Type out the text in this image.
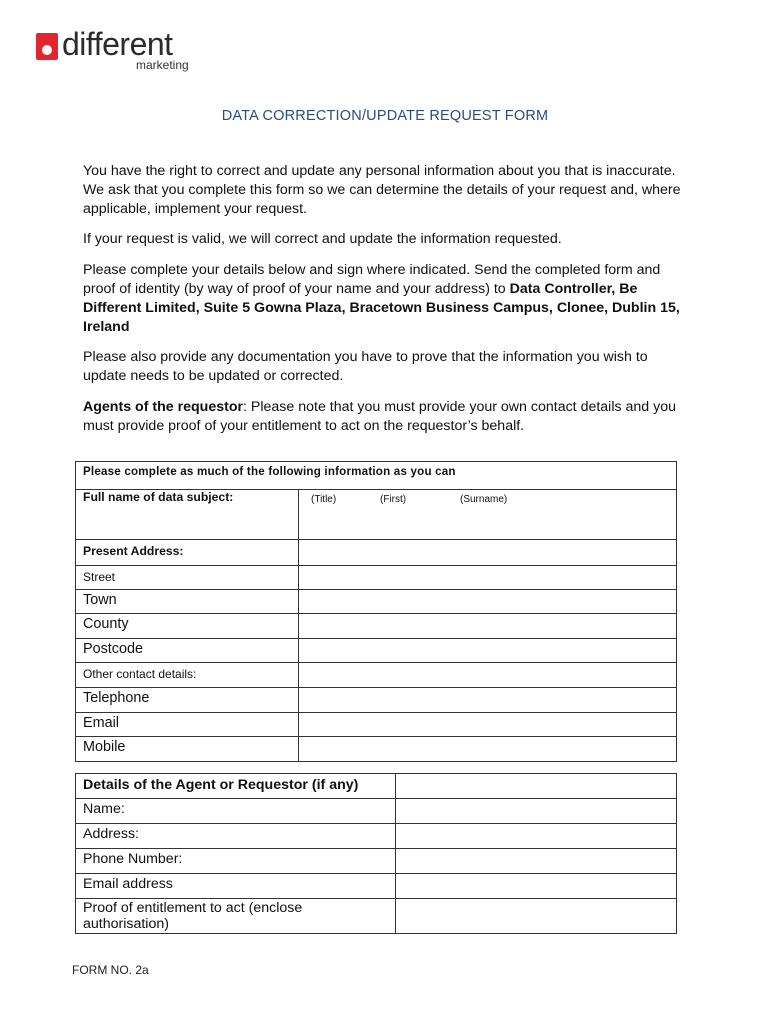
different
marketing
DATA CORRECTION/UPDATE REQUEST FORM
You have the right to correct and update any personal information about you that is inaccurate. We ask that you complete this form so we can determine the details of your request and, where applicable, implement your request.
If your request is valid, we will correct and update the information requested.
Please complete your details below and sign where indicated. Send the completed form and proof of identity (by way of proof of your name and your address) to Data Controller, Be Different Limited, Suite 5 Gowna Plaza, Bracetown Business Campus, Clonee, Dublin 15, Ireland
Please also provide any documentation you have to prove that the information you wish to update needs to be updated or corrected.
Agents of the requestor: Please note that you must provide your own contact details and you must provide proof of your entitlement to act on the requestor’s behalf.
Please complete as much of the following information as you can	
Full name of data subject:	(Title) (First) (Surname)

Present Address:	
Street	
Town	
County	
Postcode	
Other contact details:	
Telephone	
Email	
Mobile	
Details of the Agent or Requestor (if any)	
Name:	
Address:	
Phone Number:	
Email address	
Proof of entitlement to act (enclose authorisation)	
FORM NO. 2a
